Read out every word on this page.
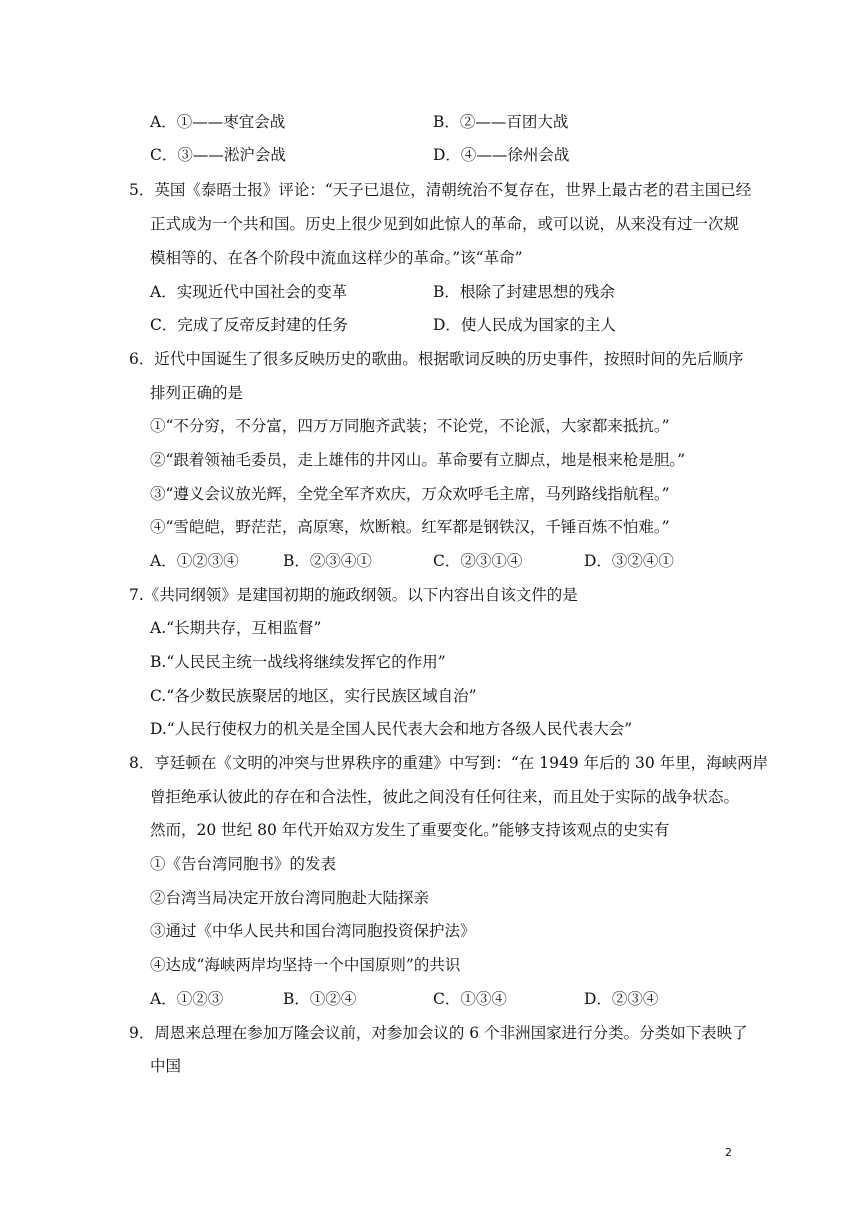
A．①——枣宜会战	B．②——百团大战
C．③——淞沪会战	D．④——徐州会战
5．英国《泰晤士报》评论：“天子已退位，清朝统治不复存在，世界上最古老的君主国已经
正式成为一个共和国。历史上很少见到如此惊人的革命，或可以说，从来没有过一次规
模相等的、在各个阶段中流血这样少的革命。”该“革命”
A．实现近代中国社会的变革	B．根除了封建思想的残余
C．完成了反帝反封建的任务	D．使人民成为国家的主人
6．近代中国诞生了很多反映历史的歌曲。根据歌词反映的历史事件，按照时间的先后顺序
排列正确的是
①“不分穷，不分富，四万万同胞齐武装；不论党，不论派，大家都来抵抗。”
②“跟着领袖毛委员，走上雄伟的井冈山。革命要有立脚点，地是根来枪是胆。”
③“遵义会议放光辉，全党全军齐欢庆，万众欢呼毛主席，马列路线指航程。”
④“雪皑皑，野茫茫，高原寒，炊断粮。红军都是钢铁汉，千锤百炼不怕难。”
A．①②③④	B．②③④①	C．②③①④	D．③②④①
7.《共同纲领》是建国初期的施政纲领。以下内容出自该文件的是
A.“长期共存，互相监督”
B.“人民民主统一战线将继续发挥它的作用”
C.“各少数民族聚居的地区，实行民族区域自治”
D.“人民行使权力的机关是全国人民代表大会和地方各级人民代表大会”
8．亨廷顿在《文明的冲突与世界秩序的重建》中写到：“在 1949 年后的 30 年里，海峡两岸
曾拒绝承认彼此的存在和合法性，彼此之间没有任何往来，而且处于实际的战争状态。
然而，20 世纪 80 年代开始双方发生了重要变化。”能够支持该观点的史实有
①《告台湾同胞书》的发表
②台湾当局决定开放台湾同胞赴大陆探亲
③通过《中华人民共和国台湾同胞投资保护法》
④达成“海峡两岸均坚持一个中国原则”的共识
A．①②③	B．①②④	C．①③④	D．②③④
9．周恩来总理在参加万隆会议前，对参加会议的 6 个非洲国家进行分类。分类如下表映了
中国
2
